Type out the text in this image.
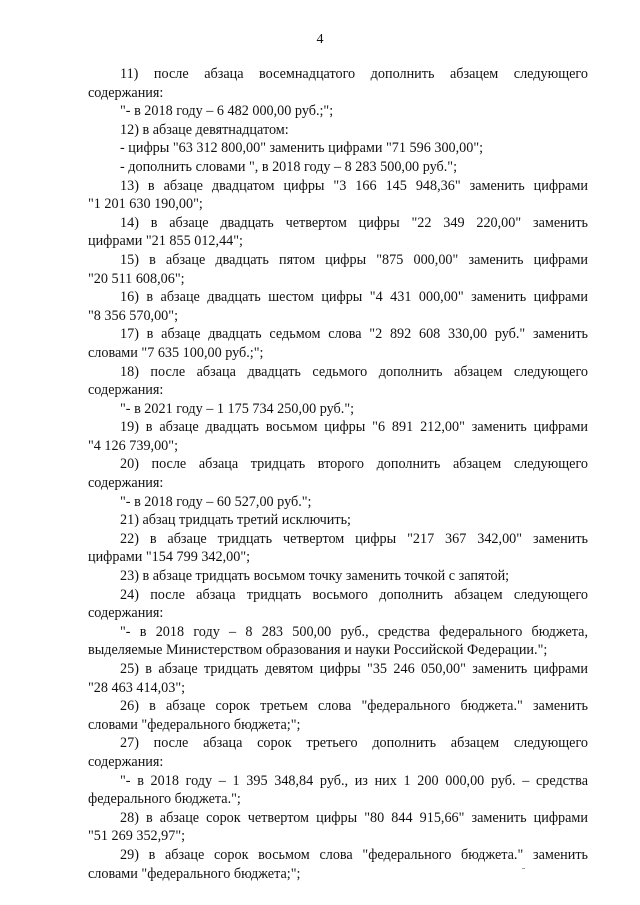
4

11) после абзаца восемнадцатого дополнить абзацем следующего

содержания:

"- в 2018 году – 6 482 000,00 руб.;";

12) в абзаце девятнадцатом:

- цифры "63 312 800,00" заменить цифрами "71 596 300,00";

- дополнить словами ", в 2018 году – 8 283 500,00 руб.";

13) в абзаце двадцатом цифры "3 166 145 948,36" заменить цифрами

"1 201 630 190,00";

14) в абзаце двадцать четвертом цифры "22 349 220,00" заменить

цифрами "21 855 012,44";

15) в абзаце двадцать пятом цифры "875 000,00" заменить цифрами

"20 511 608,06";

16) в абзаце двадцать шестом цифры "4 431 000,00" заменить цифрами

"8 356 570,00";

17) в абзаце двадцать седьмом слова "2 892 608 330,00 руб." заменить

словами "7 635 100,00 руб.;";

18) после абзаца двадцать седьмого дополнить абзацем следующего

содержания:

"- в 2021 году – 1 175 734 250,00 руб.";

19) в абзаце двадцать восьмом цифры "6 891 212,00" заменить цифрами

"4 126 739,00";

20) после абзаца тридцать второго дополнить абзацем следующего

содержания:

"- в 2018 году – 60 527,00 руб.";

21) абзац тридцать третий исключить;

22) в абзаце тридцать четвертом цифры "217 367 342,00" заменить

цифрами "154 799 342,00";

23) в абзаце тридцать восьмом точку заменить точкой с запятой;

24) после абзаца тридцать восьмого дополнить абзацем следующего

содержания:

"- в 2018 году – 8 283 500,00 руб., средства федерального бюджета,

выделяемые Министерством образования и науки Российской Федерации.";

25) в абзаце тридцать девятом цифры "35 246 050,00" заменить цифрами

"28 463 414,03";

26) в абзаце сорок третьем слова "федерального бюджета." заменить

словами "федерального бюджета;";

27) после абзаца сорок третьего дополнить абзацем следующего

содержания:

"- в 2018 году – 1 395 348,84 руб., из них 1 200 000,00 руб. – средства

федерального бюджета.";

28) в абзаце сорок четвертом цифры "80 844 915,66" заменить цифрами

"51 269 352,97";

29) в абзаце сорок восьмом слова "федерального бюджета." заменить

словами "федерального бюджета;";
